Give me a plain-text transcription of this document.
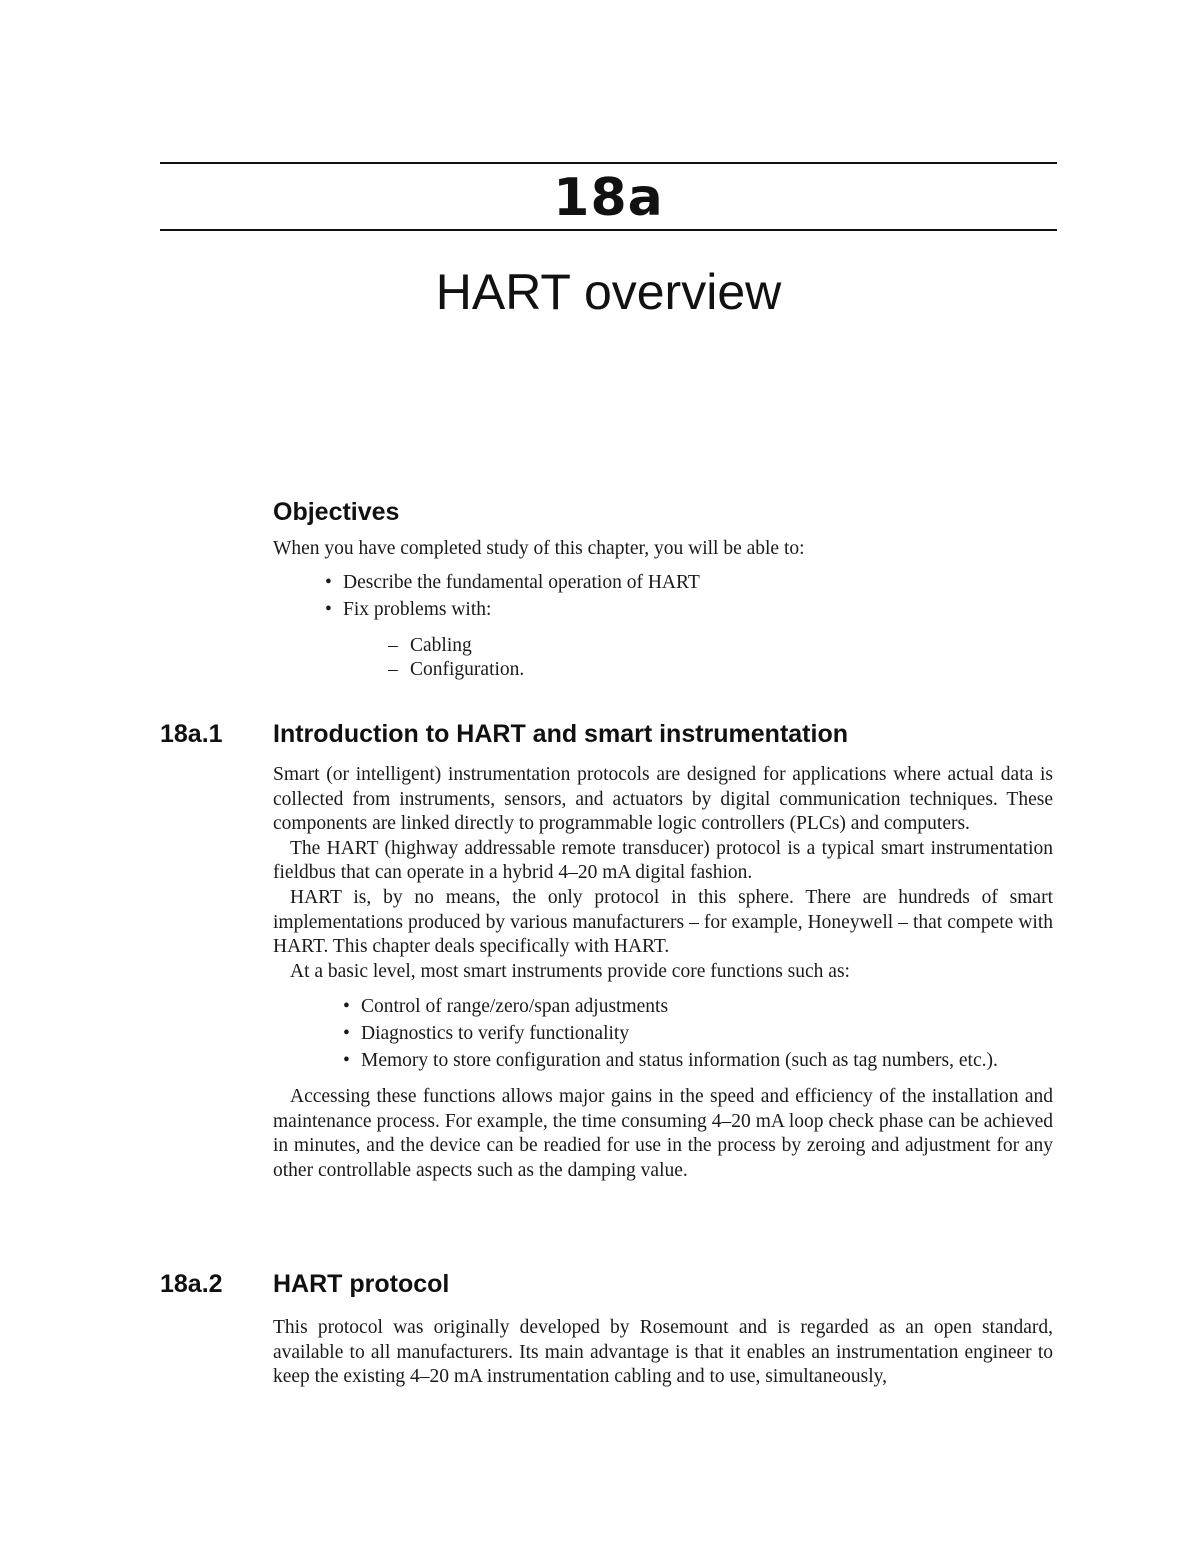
18a
HART overview
Objectives

When you have completed study of this chapter, you will be able to:

• Describe the fundamental operation of HART
• Fix problems with:
– Cabling
– Configuration.
18a.1 Introduction to HART and smart instrumentation

Smart (or intelligent) instrumentation protocols are designed for applications where actual data is collected from instruments, sensors, and actuators by digital communication techniques. These components are linked directly to programmable logic controllers (PLCs) and computers.

The HART (highway addressable remote transducer) protocol is a typical smart instrumentation fieldbus that can operate in a hybrid 4–20 mA digital fashion.

HART is, by no means, the only protocol in this sphere. There are hundreds of smart implementations produced by various manufacturers – for example, Honeywell – that compete with HART. This chapter deals specifically with HART.

At a basic level, most smart instruments provide core functions such as:

• Control of range/zero/span adjustments
• Diagnostics to verify functionality
• Memory to store configuration and status information (such as tag numbers, etc.).

Accessing these functions allows major gains in the speed and efficiency of the installation and maintenance process. For example, the time consuming 4–20 mA loop check phase can be achieved in minutes, and the device can be readied for use in the process by zeroing and adjustment for any other controllable aspects such as the damping value.

18a.2 HART protocol

This protocol was originally developed by Rosemount and is regarded as an open standard, available to all manufacturers. Its main advantage is that it enables an instrumentation engineer to keep the existing 4–20 mA instrumentation cabling and to use, simultaneously,
